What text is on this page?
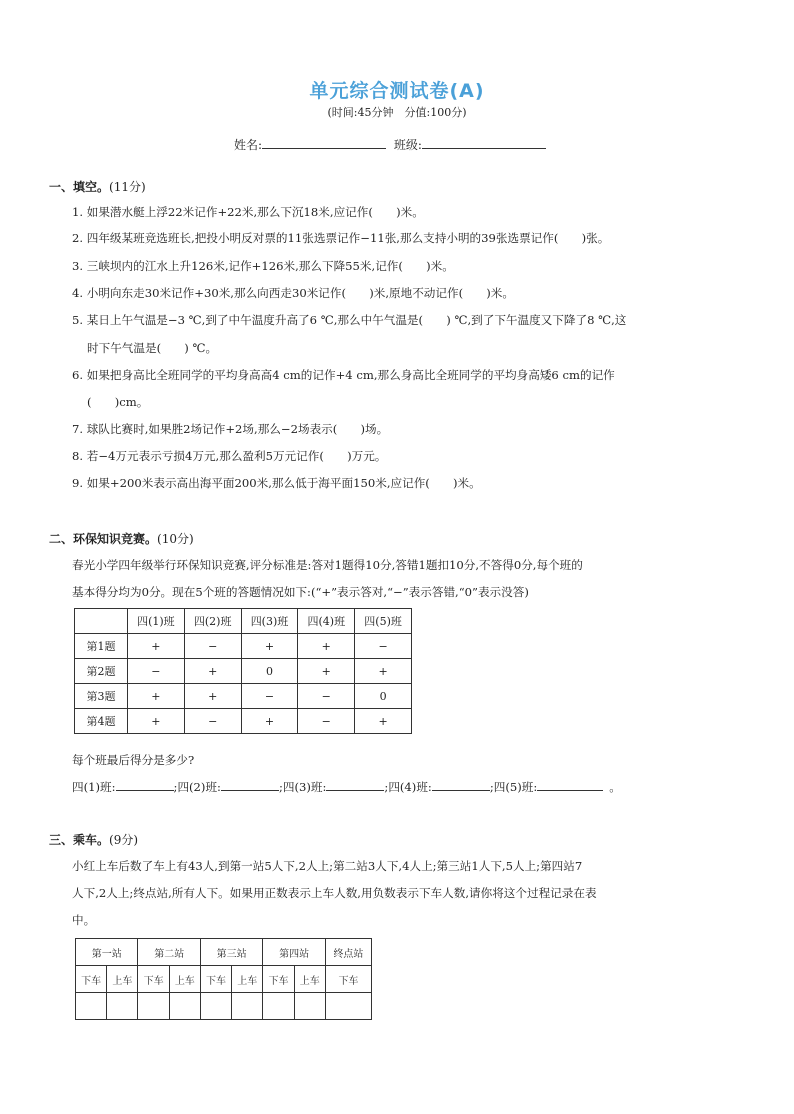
单元综合测试卷(A)
(时间:45分钟　分值:100分)
姓名:	班级:
一、填空。(11分)
1. 如果潜水艇上浮22米记作+22米,那么下沉18米,应记作(　　)米。
2. 四年级某班竞选班长,把投小明反对票的11张选票记作−11张,那么支持小明的39张选票记作(　　)张。
3. 三峡坝内的江水上升126米,记作+126米,那么下降55米,记作(　　)米。
4. 小明向东走30米记作+30米,那么向西走30米记作(　　)米,原地不动记作(　　)米。
5. 某日上午气温是−3 ℃,到了中午温度升高了6 ℃,那么中午气温是(　　) ℃,到了下午温度又下降了8 ℃,这
时下午气温是(　　) ℃。
6. 如果把身高比全班同学的平均身高高4 cm的记作+4 cm,那么身高比全班同学的平均身高矮6 cm的记作
(　　)cm。
7. 球队比赛时,如果胜2场记作+2场,那么−2场表示(　　)场。
8. 若−4万元表示亏损4万元,那么盈利5万元记作(　　)万元。
9. 如果+200米表示高出海平面200米,那么低于海平面150米,应记作(　　)米。
二、环保知识竞赛。(10分)
春光小学四年级举行环保知识竞赛,评分标准是:答对1题得10分,答错1题扣10分,不答得0分,每个班的
基本得分均为0分。现在5个班的答题情况如下:(“+”表示答对,“−”表示答错,“0”表示没答)
	四(1)班	四(2)班	四(3)班	四(4)班	四(5)班
第1题	+	−	+	+	−
第2题	−	+	0	+	+
第3题	+	+	−	−	0
第4题	+	−	+	−	+
每个班最后得分是多少?
四(1)班:	;四(2)班:	;四(3)班:	;四(4)班:	;四(5)班:	。
三、乘车。(9分)
小红上车后数了车上有43人,到第一站5人下,2人上;第二站3人下,4人上;第三站1人下,5人上;第四站7
人下,2人上;终点站,所有人下。如果用正数表示上车人数,用负数表示下车人数,请你将这个过程记录在表
中。
第一站		第二站		第三站		第四站		终点站
下车	上车	下车	上车	下车	上车	下车	上车	下车
